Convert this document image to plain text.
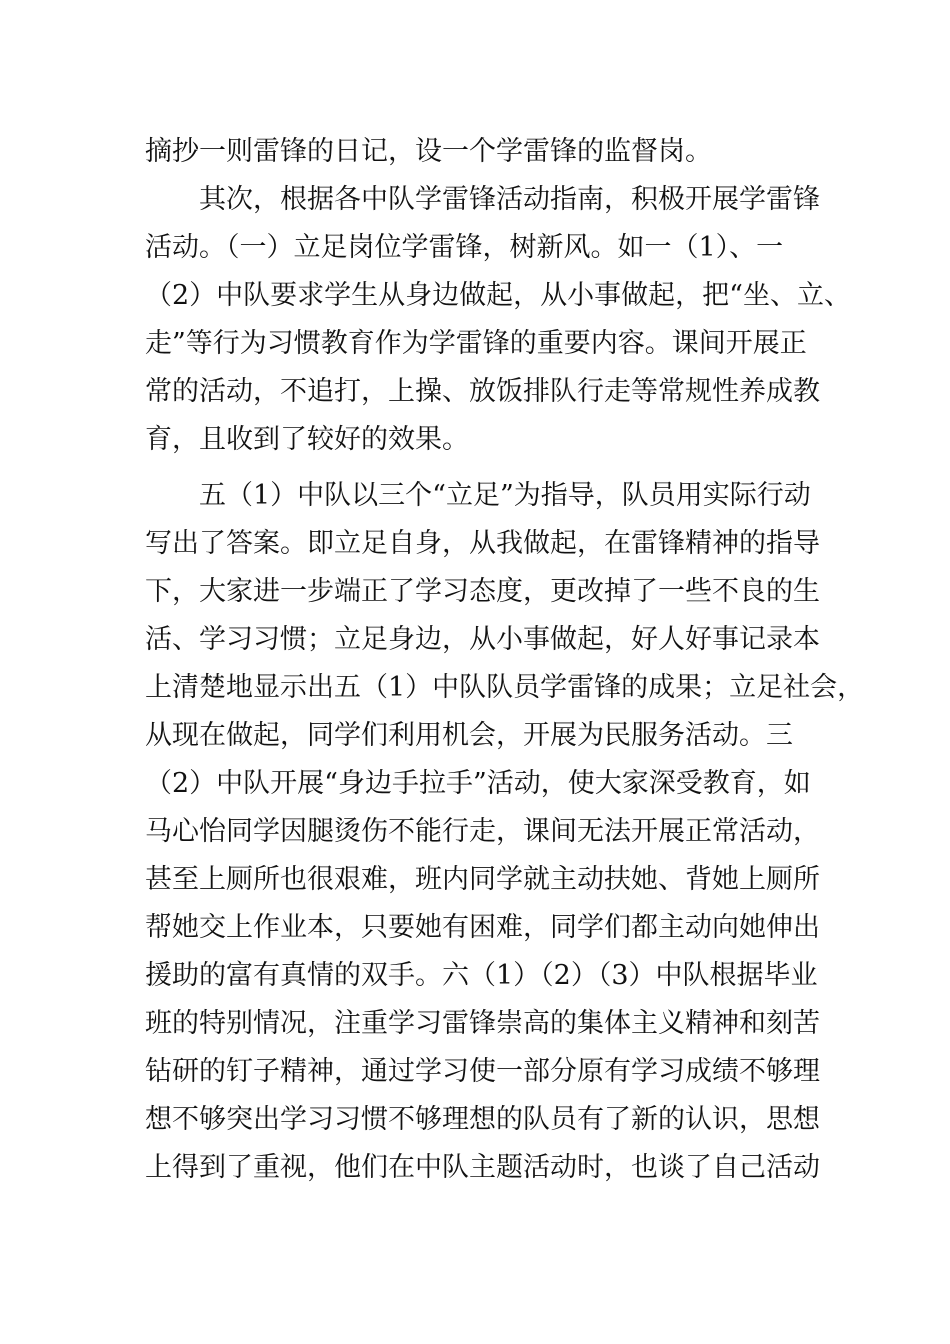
摘抄一则雷锋的日记，设一个学雷锋的监督岗。

其次，根据各中队学雷锋活动指南，积极开展学雷锋

活动。（一）立足岗位学雷锋，树新风。如一（1）、一

（2）中队要求学生从身边做起，从小事做起，把“坐、立、

走”等行为习惯教育作为学雷锋的重要内容。课间开展正

常的活动，不追打，上操、放饭排队行走等常规性养成教

育，且收到了较好的效果。

五（1）中队以三个“立足”为指导，队员用实际行动

写出了答案。即立足自身，从我做起，在雷锋精神的指导

下，大家进一步端正了学习态度，更改掉了一些不良的生

活、学习习惯；立足身边，从小事做起，好人好事记录本

上清楚地显示出五（1）中队队员学雷锋的成果；立足社会，

从现在做起，同学们利用机会，开展为民服务活动。三

（2）中队开展“身边手拉手”活动，使大家深受教育，如

马心怡同学因腿烫伤不能行走，课间无法开展正常活动，

甚至上厕所也很艰难，班内同学就主动扶她、背她上厕所

帮她交上作业本，只要她有困难，同学们都主动向她伸出

援助的富有真情的双手。六（1）（2）（3）中队根据毕业

班的特别情况，注重学习雷锋崇高的集体主义精神和刻苦

钻研的钉子精神，通过学习使一部分原有学习成绩不够理

想不够突出学习习惯不够理想的队员有了新的认识，思想

上得到了重视，他们在中队主题活动时，也谈了自己活动
